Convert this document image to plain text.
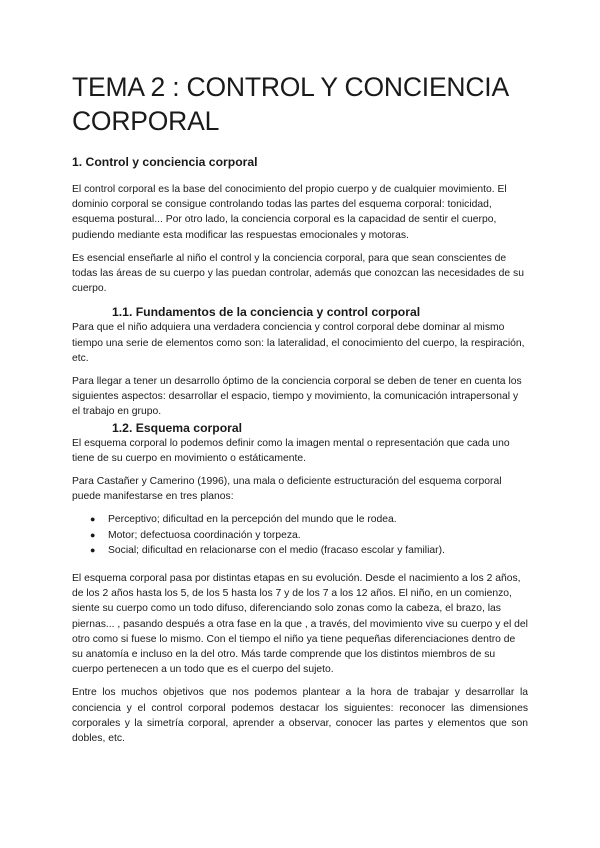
TEMA 2 : CONTROL Y CONCIENCIA CORPORAL
1. Control y conciencia corporal

El control corporal es la base del conocimiento del propio cuerpo y de cualquier movimiento. El dominio corporal se consigue controlando todas las partes del esquema corporal: tonicidad, esquema postural... Por otro lado, la conciencia corporal es la capacidad de sentir el cuerpo, pudiendo mediante esta modificar las respuestas emocionales y motoras.

Es esencial enseñarle al niño el control y la conciencia corporal, para que sean conscientes de todas las áreas de su cuerpo y las puedan controlar, además que conozcan las necesidades de su cuerpo.

1.1. Fundamentos de la conciencia y control corporal

Para que el niño adquiera una verdadera conciencia y control corporal debe dominar al mismo tiempo una serie de elementos como son: la lateralidad, el conocimiento del cuerpo, la respiración, etc.

Para llegar a tener un desarrollo óptimo de la conciencia corporal se deben de tener en cuenta los siguientes aspectos: desarrollar el espacio, tiempo y movimiento, la comunicación intrapersonal y el trabajo en grupo.

1.2. Esquema corporal

El esquema corporal lo podemos definir como la imagen mental o representación que cada uno tiene de su cuerpo en movimiento o estáticamente.

Para Castañer y Camerino (1996), una mala o deficiente estructuración del esquema corporal puede manifestarse en tres planos:

● Perceptivo; dificultad en la percepción del mundo que le rodea.
● Motor; defectuosa coordinación y torpeza.
● Social; dificultad en relacionarse con el medio (fracaso escolar y familiar).

El esquema corporal pasa por distintas etapas en su evolución. Desde el nacimiento a los 2 años, de los 2 años hasta los 5, de los 5 hasta los 7 y de los 7 a los 12 años. El niño, en un comienzo, siente su cuerpo como un todo difuso, diferenciando solo zonas como la cabeza, el brazo, las piernas... , pasando después a otra fase en la que , a través, del movimiento vive su cuerpo y el del otro como si fuese lo mismo. Con el tiempo el niño ya tiene pequeñas diferenciaciones dentro de su anatomía e incluso en la del otro. Más tarde comprende que los distintos miembros de su cuerpo pertenecen a un todo que es el cuerpo del sujeto.

Entre los muchos objetivos que nos podemos plantear a la hora de trabajar y desarrollar la conciencia y el control corporal podemos destacar los siguientes: reconocer las dimensiones corporales y la simetría corporal, aprender a observar, conocer las partes y elementos que son dobles, etc.
